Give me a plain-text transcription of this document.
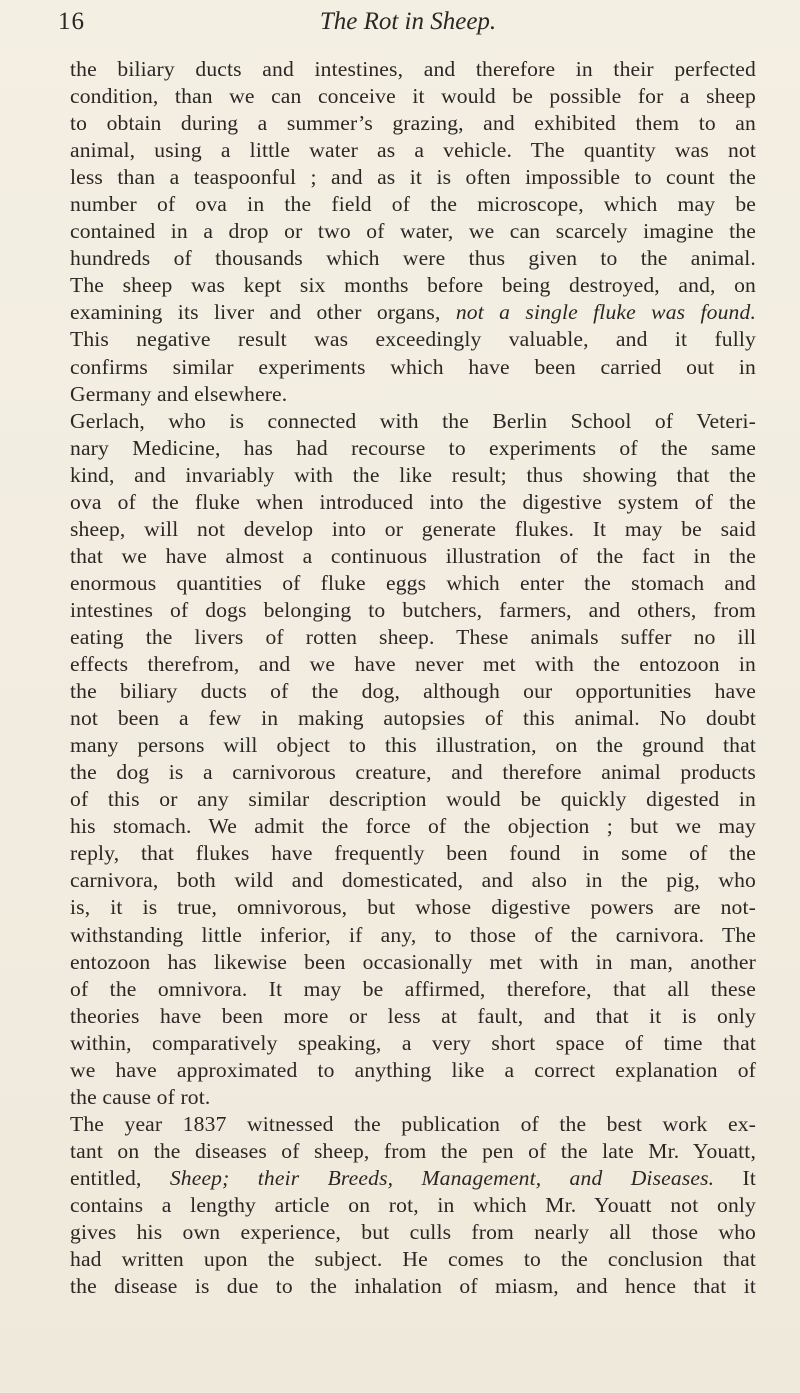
16	The Rot in Sheep.
the biliary ducts and intestines, and therefore in their perfected
condition, than we can conceive it would be possible for a sheep
to obtain during a summer’s grazing, and exhibited them to an
animal, using a little water as a vehicle. The quantity was not
less than a teaspoonful ; and as it is often impossible to count the
number of ova in the field of the microscope, which may be
contained in a drop or two of water, we can scarcely imagine the
hundreds of thousands which were thus given to the animal.
The sheep was kept six months before being destroyed, and, on
examining its liver and other organs, not a single fluke was found.
This negative result was exceedingly valuable, and it fully
confirms similar experiments which have been carried out in
Germany and elsewhere.
Gerlach, who is connected with the Berlin School of Veteri-
nary Medicine, has had recourse to experiments of the same
kind, and invariably with the like result; thus showing that the
ova of the fluke when introduced into the digestive system of the
sheep, will not develop into or generate flukes. It may be said
that we have almost a continuous illustration of the fact in the
enormous quantities of fluke eggs which enter the stomach and
intestines of dogs belonging to butchers, farmers, and others, from
eating the livers of rotten sheep. These animals suffer no ill
effects therefrom, and we have never met with the entozoon in
the biliary ducts of the dog, although our opportunities have
not been a few in making autopsies of this animal. No doubt
many persons will object to this illustration, on the ground that
the dog is a carnivorous creature, and therefore animal products
of this or any similar description would be quickly digested in
his stomach. We admit the force of the objection ; but we may
reply, that flukes have frequently been found in some of the
carnivora, both wild and domesticated, and also in the pig, who
is, it is true, omnivorous, but whose digestive powers are not-
withstanding little inferior, if any, to those of the carnivora. The
entozoon has likewise been occasionally met with in man, another
of the omnivora. It may be affirmed, therefore, that all these
theories have been more or less at fault, and that it is only
within, comparatively speaking, a very short space of time that
we have approximated to anything like a correct explanation of
the cause of rot.
The year 1837 witnessed the publication of the best work ex-
tant on the diseases of sheep, from the pen of the late Mr. Youatt,
entitled, Sheep; their Breeds, Management, and Diseases. It
contains a lengthy article on rot, in which Mr. Youatt not only
gives his own experience, but culls from nearly all those who
had written upon the subject. He comes to the conclusion that
the disease is due to the inhalation of miasm, and hence that it
